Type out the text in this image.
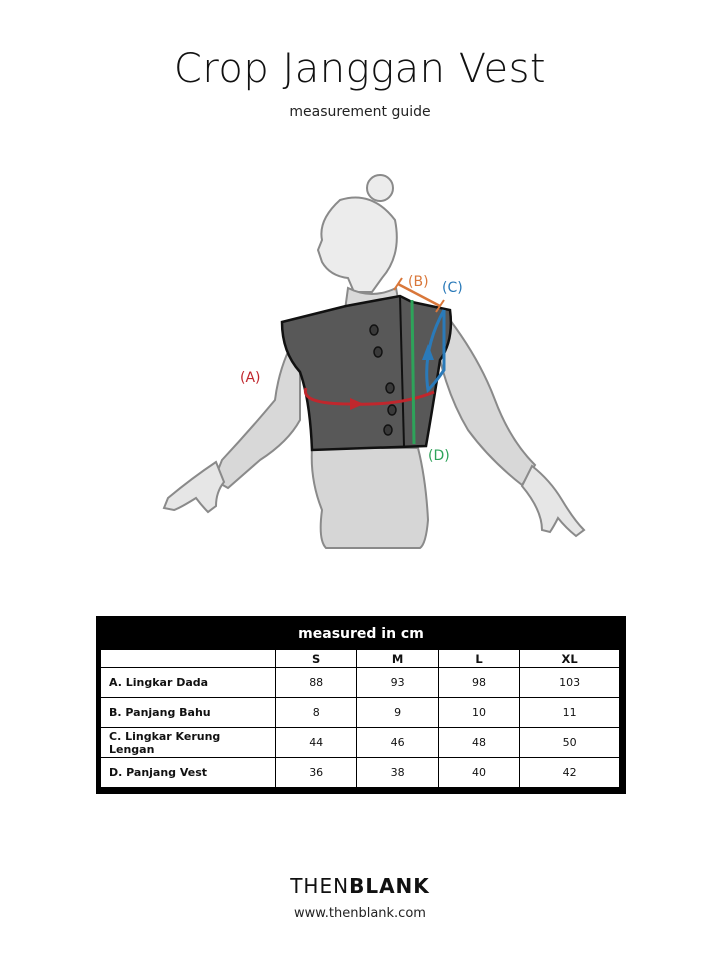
Crop Janggan Vest
measurement guide
(A)
(B) (C)
(D)
measured in cm
	S	M	L	XL
A. Lingkar Dada	88	93	98	103
B. Panjang Bahu	8	9	10	11
C. Lingkar Kerung Lengan	44	46	48	50
D. Panjang Vest	36	38	40	42
THENBLANK
www.thenblank.com
